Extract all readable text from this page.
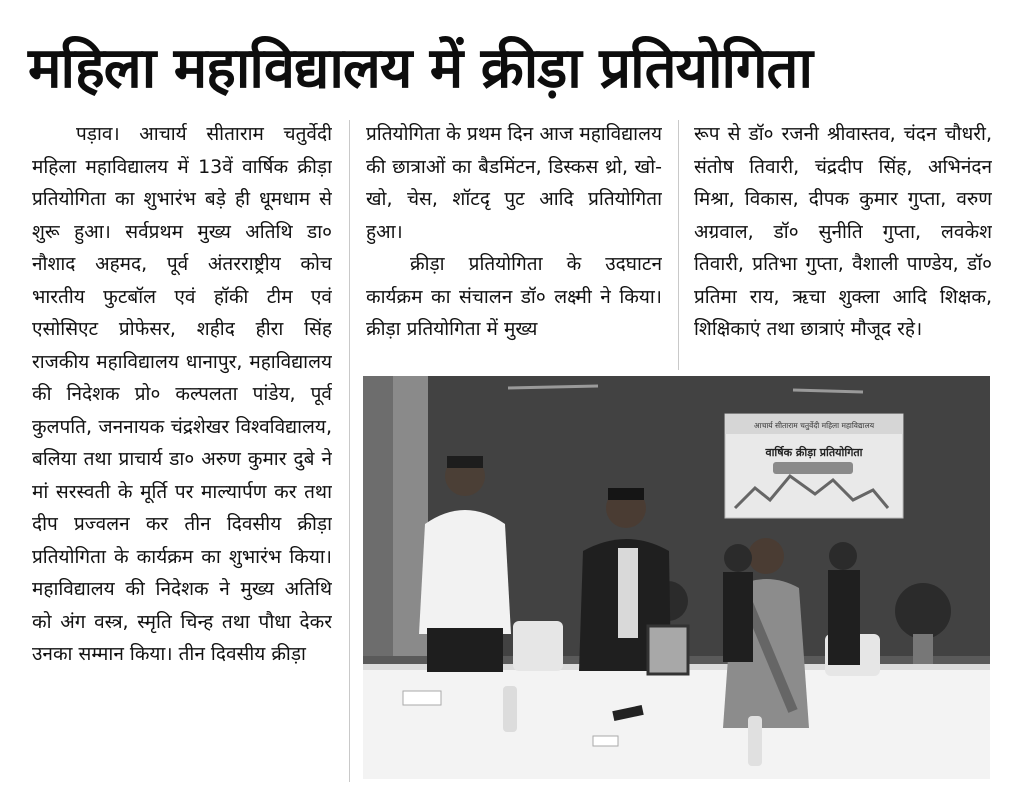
महिला महाविद्यालय में क्रीड़ा प्रतियोगिता

पड़ाव। आचार्य सीताराम चतुर्वेदी महिला महाविद्यालय में 13वें वार्षिक क्रीड़ा प्रतियोगिता का शुभारंभ बड़े ही धूमधाम से शुरू हुआ। सर्वप्रथम मुख्य अतिथि डा० नौशाद अहमद, पूर्व अंतरराष्ट्रीय कोच भारतीय फुटबॉल एवं हॉकी टीम एवं एसोसिएट प्रोफेसर, शहीद हीरा सिंह राजकीय महाविद्यालय धानापुर, महाविद्यालय की निदेशक प्रो० कल्पलता पांडेय, पूर्व कुलपति, जननायक चंद्रशेखर विश्वविद्यालय, बलिया तथा प्राचार्य डा० अरुण कुमार दुबे ने मां सरस्वती के मूर्ति पर माल्यार्पण कर तथा दीप प्रज्वलन कर तीन दिवसीय क्रीड़ा प्रतियोगिता के कार्यक्रम का शुभारंभ किया। महाविद्यालय की निदेशक ने मुख्य अतिथि को अंग वस्त्र, स्मृति चिन्ह तथा पौधा देकर उनका सम्मान किया। तीन दिवसीय क्रीड़ा

प्रतियोगिता के प्रथम दिन आज महाविद्यालय की छात्राओं का बैडमिंटन, डिस्कस थ्रो, खो-खो, चेस, शॉटदृ पुट आदि प्रतियोगिता हुआ।

क्रीड़ा प्रतियोगिता के उदघाटन कार्यक्रम का संचालन डॉ० लक्ष्मी ने किया। क्रीड़ा प्रतियोगिता में मुख्य

रूप से डॉ० रजनी श्रीवास्तव, चंदन चौधरी, संतोष तिवारी, चंद्रदीप सिंह, अभिनंदन मिश्रा, विकास, दीपक कुमार गुप्ता, वरुण अग्रवाल, डॉ० सुनीति गुप्ता, लवकेश तिवारी, प्रतिभा गुप्ता, वैशाली पाण्डेय, डॉ० प्रतिमा राय, ऋचा शुक्ला आदि शिक्षक, शिक्षिकाएं तथा छात्राएं मौजूद रहे।

आचार्य सीताराम चतुर्वेदी महिला महाविद्यालय
वार्षिक क्रीड़ा प्रतियोगिता
